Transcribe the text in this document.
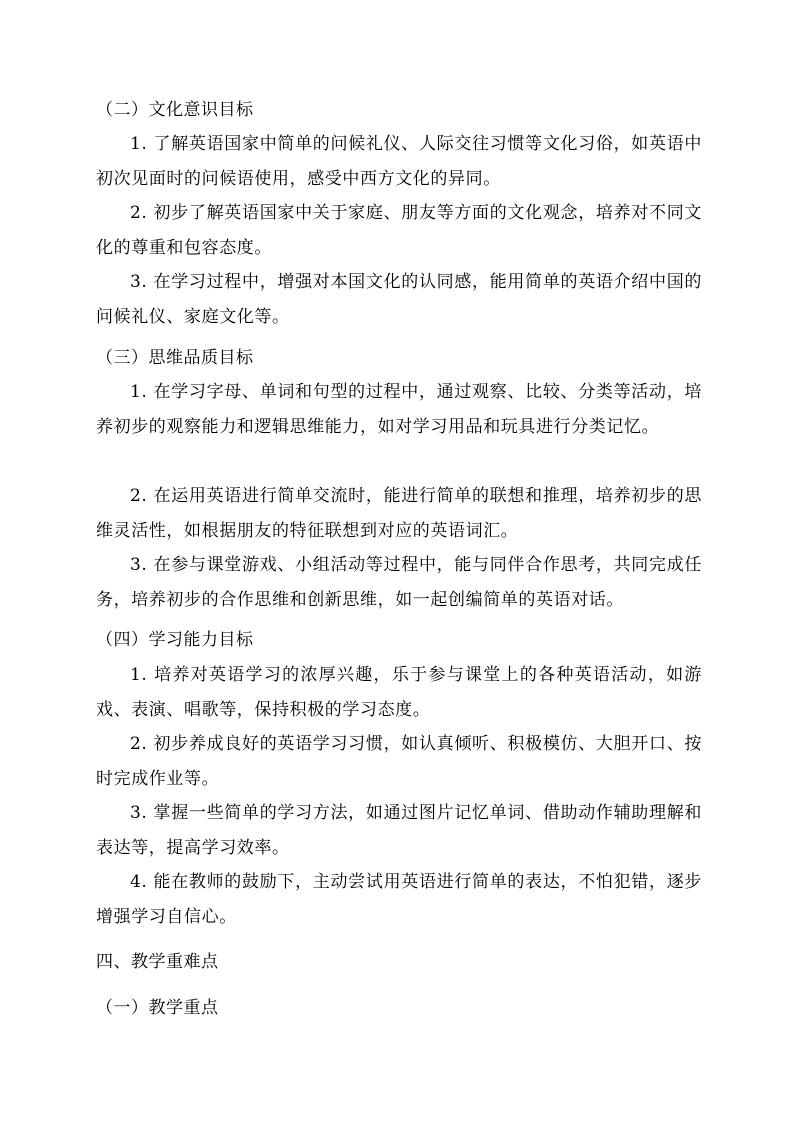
（二）文化意识目标

1. 了解英语国家中简单的问候礼仪、人际交往习惯等文化习俗，如英语中初次见面时的问候语使用，感受中西方文化的异同。

2. 初步了解英语国家中关于家庭、朋友等方面的文化观念，培养对不同文化的尊重和包容态度。

3. 在学习过程中，增强对本国文化的认同感，能用简单的英语介绍中国的问候礼仪、家庭文化等。

（三）思维品质目标

1. 在学习字母、单词和句型的过程中，通过观察、比较、分类等活动，培养初步的观察能力和逻辑思维能力，如对学习用品和玩具进行分类记忆。

2. 在运用英语进行简单交流时，能进行简单的联想和推理，培养初步的思维灵活性，如根据朋友的特征联想到对应的英语词汇。

3. 在参与课堂游戏、小组活动等过程中，能与同伴合作思考，共同完成任务，培养初步的合作思维和创新思维，如一起创编简单的英语对话。

（四）学习能力目标

1. 培养对英语学习的浓厚兴趣，乐于参与课堂上的各种英语活动，如游戏、表演、唱歌等，保持积极的学习态度。

2. 初步养成良好的英语学习习惯，如认真倾听、积极模仿、大胆开口、按时完成作业等。

3. 掌握一些简单的学习方法，如通过图片记忆单词、借助动作辅助理解和表达等，提高学习效率。

4. 能在教师的鼓励下，主动尝试用英语进行简单的表达，不怕犯错，逐步增强学习自信心。

四、教学重难点
（一）教学重点
